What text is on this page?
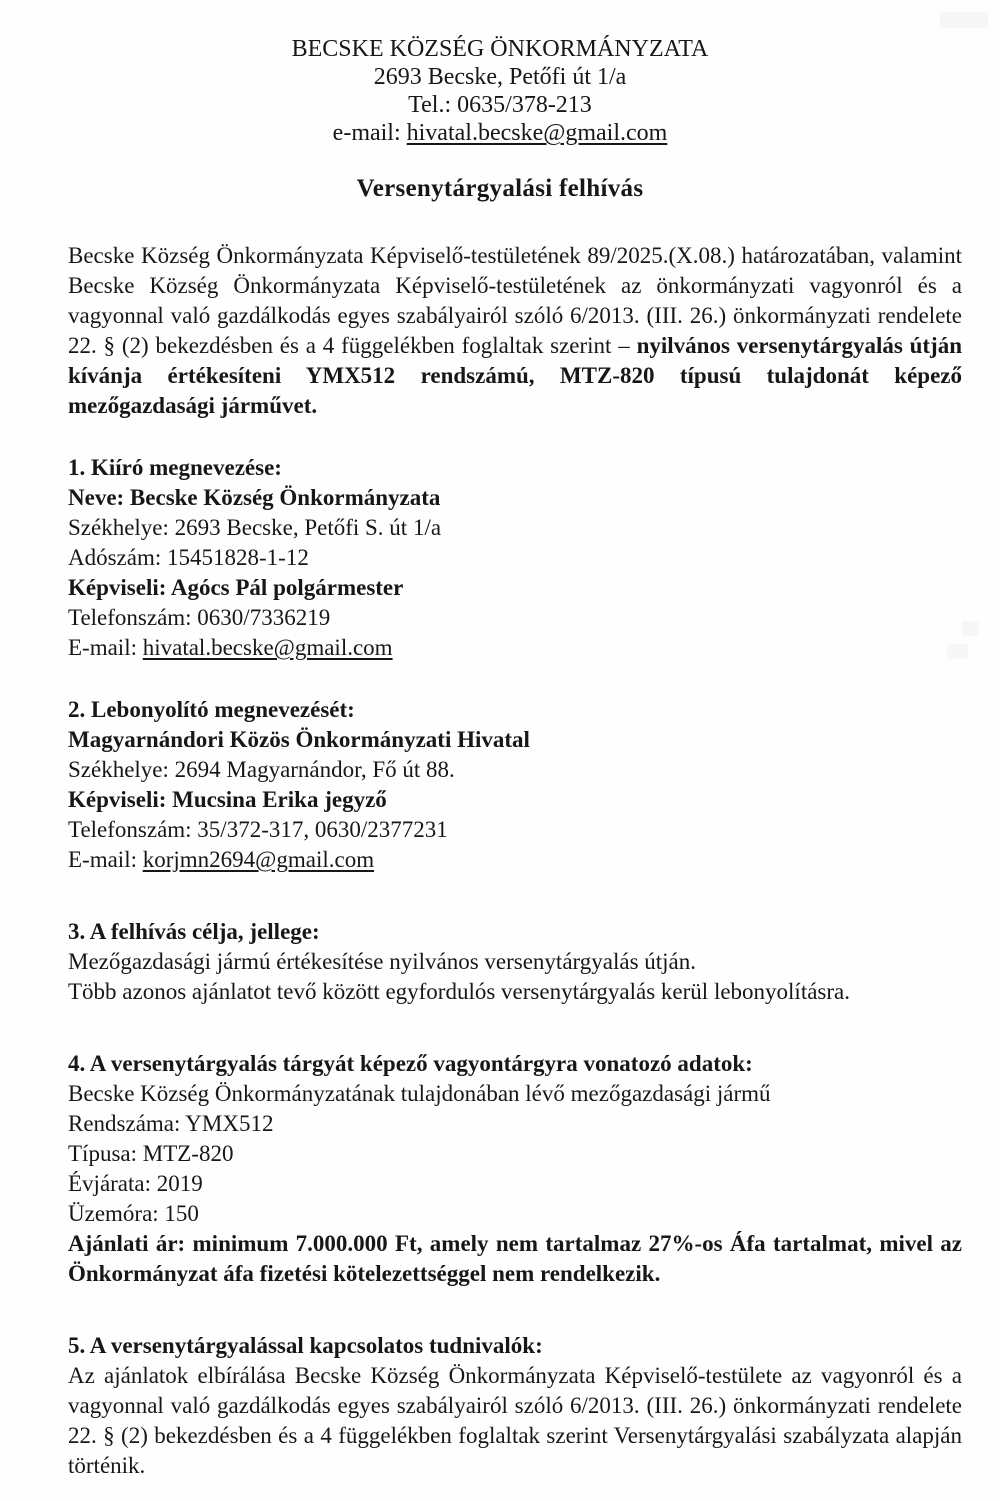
BECSKE KÖZSÉG ÖNKORMÁNYZATA
2693 Becske, Petőfi út 1/a
Tel.: 0635/378-213
e-mail: hivatal.becske@gmail.com
Versenytárgyalási felhívás

Becske Község Önkormányzata Képviselő-testületének 89/2025.(X.08.) határozatában, valamint Becske Község Önkormányzata Képviselő-testületének az önkormányzati vagyonról és a vagyonnal való gazdálkodás egyes szabályairól szóló 6/2013. (III. 26.) önkormányzati rendelete 22. § (2) bekezdésben és a 4 függelékben foglaltak szerint – nyilvános versenytárgyalás útján kívánja értékesíteni YMX512 rendszámú, MTZ-820 típusú tulajdonát képező mezőgazdasági járművet.

1. Kiíró megnevezése:

Neve: Becske Község Önkormányzata

Székhelye: 2693 Becske, Petőfi S. út 1/a

Adószám: 15451828-1-12

Képviseli: Agócs Pál polgármester

Telefonszám: 0630/7336219

E-mail: hivatal.becske@gmail.com

2. Lebonyolító megnevezését:

Magyarnándori Közös Önkormányzati Hivatal

Székhelye: 2694 Magyarnándor, Fő út 88.

Képviseli: Mucsina Erika jegyző

Telefonszám: 35/372-317, 0630/2377231

E-mail: korjmn2694@gmail.com

3. A felhívás célja, jellege:

Mezőgazdasági jármú értékesítése nyilvános versenytárgyalás útján.

Több azonos ajánlatot tevő között egyfordulós versenytárgyalás kerül lebonyolításra.

4. A versenytárgyalás tárgyát képező vagyontárgyra vonatozó adatok:

Becske Község Önkormányzatának tulajdonában lévő mezőgazdasági jármű

Rendszáma: YMX512

Típusa: MTZ-820

Évjárata: 2019

Üzemóra: 150

Ajánlati ár: minimum 7.000.000 Ft, amely nem tartalmaz 27%-os Áfa tartalmat, mivel az Önkormányzat áfa fizetési kötelezettséggel nem rendelkezik.

5. A versenytárgyalással kapcsolatos tudnivalók:

Az ajánlatok elbírálása Becske Község Önkormányzata Képviselő-testülete az vagyonról és a vagyonnal való gazdálkodás egyes szabályairól szóló 6/2013. (III. 26.) önkormányzati rendelete 22. § (2) bekezdésben és a 4 függelékben foglaltak szerint Versenytárgyalási szabályzata alapján történik.
